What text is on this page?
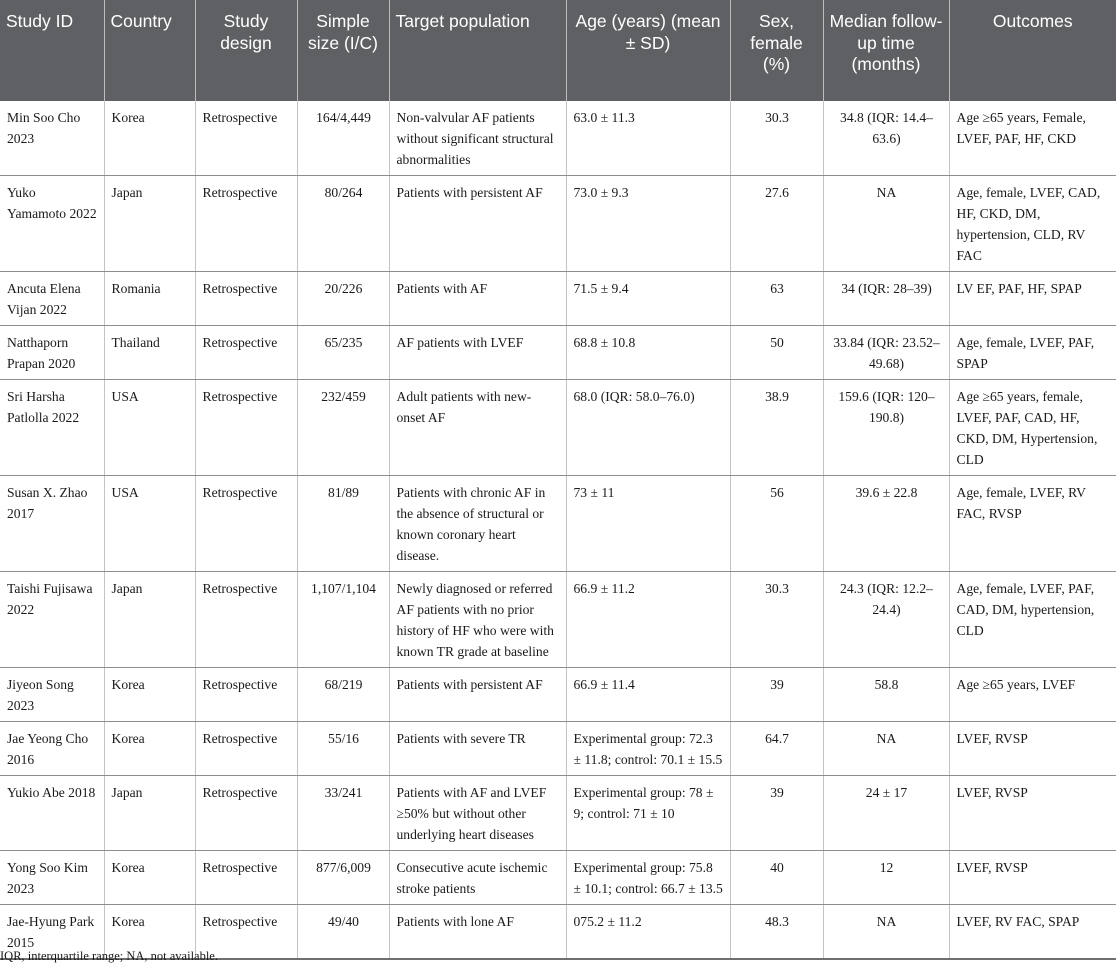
Study ID	Country	Study design	Simple size (I/C)	Target population	Age (years) (mean ± SD)	Sex, female (%)	Median follow-up time (months)	Outcomes
Min Soo Cho 2023	Korea	Retrospective	164/4,449	Non-valvular AF patients without significant structural abnormalities	63.0 ± 11.3	30.3	34.8 (IQR: 14.4–63.6)	Age ≥65 years, Female, LVEF, PAF, HF, CKD
Yuko Yamamoto 2022	Japan	Retrospective	80/264	Patients with persistent AF	73.0 ± 9.3	27.6	NA	Age, female, LVEF, CAD, HF, CKD, DM, hypertension, CLD, RV FAC
Ancuta Elena Vijan 2022	Romania	Retrospective	20/226	Patients with AF	71.5 ± 9.4	63	34 (IQR: 28–39)	LV EF, PAF, HF, SPAP
Natthaporn Prapan 2020	Thailand	Retrospective	65/235	AF patients with LVEF	68.8 ± 10.8	50	33.84 (IQR: 23.52–49.68)	Age, female, LVEF, PAF, SPAP
Sri Harsha Patlolla 2022	USA	Retrospective	232/459	Adult patients with new-onset AF	68.0 (IQR: 58.0–76.0)	38.9	159.6 (IQR: 120–190.8)	Age ≥65 years, female, LVEF, PAF, CAD, HF, CKD, DM, Hypertension, CLD
Susan X. Zhao 2017	USA	Retrospective	81/89	Patients with chronic AF in the absence of structural or known coronary heart disease.	73 ± 11	56	39.6 ± 22.8	Age, female, LVEF, RV FAC, RVSP
Taishi Fujisawa 2022	Japan	Retrospective	1,107/1,104	Newly diagnosed or referred AF patients with no prior history of HF who were with known TR grade at baseline	66.9 ± 11.2	30.3	24.3 (IQR: 12.2–24.4)	Age, female, LVEF, PAF, CAD, DM, hypertension, CLD
Jiyeon Song 2023	Korea	Retrospective	68/219	Patients with persistent AF	66.9 ± 11.4	39	58.8	Age ≥65 years, LVEF
Jae Yeong Cho 2016	Korea	Retrospective	55/16	Patients with severe TR	Experimental group: 72.3 ± 11.8; control: 70.1 ± 15.5	64.7	NA	LVEF, RVSP
Yukio Abe 2018	Japan	Retrospective	33/241	Patients with AF and LVEF ≥50% but without other underlying heart diseases	Experimental group: 78 ± 9; control: 71 ± 10	39	24 ± 17	LVEF, RVSP
Yong Soo Kim 2023	Korea	Retrospective	877/6,009	Consecutive acute ischemic stroke patients	Experimental group: 75.8 ± 10.1; control: 66.7 ± 13.5	40	12	LVEF, RVSP
Jae-Hyung Park 2015	Korea	Retrospective	49/40	Patients with lone AF	075.2 ± 11.2	48.3	NA	LVEF, RV FAC, SPAP
IQR, interquartile range; NA, not available.
